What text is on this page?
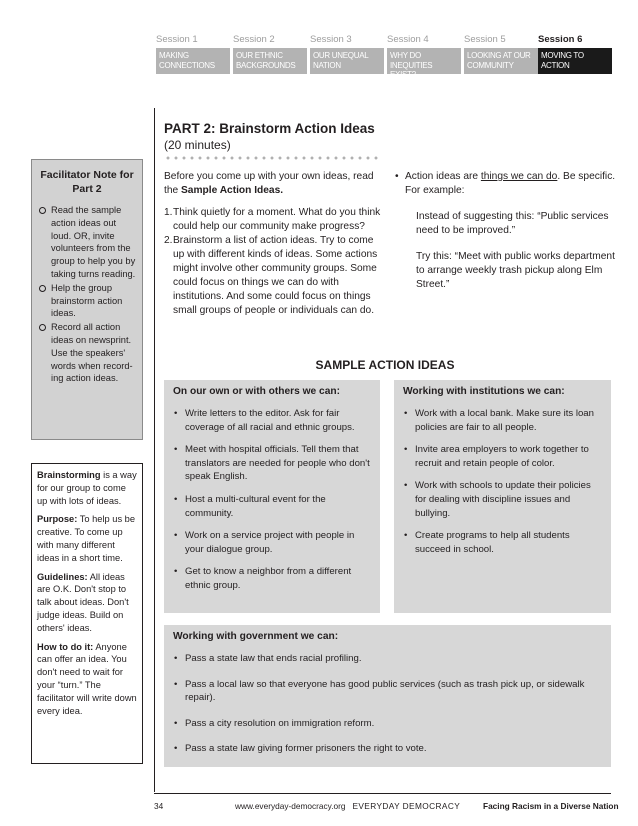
Session 1
MAKING CONNECTIONS
Session 2
OUR ETHNIC BACKGROUNDS
Session 3
OUR UNEQUAL NATION
Session 4
WHY DO INEQUITIES EXIST?
Session 5
LOOKING AT OUR COMMUNITY
Session 6
MOVING TO ACTION
PART 2: Brainstorm Action Ideas
(20 minutes)
Facilitator Note for Part 2
Read the sample action ideas out loud. OR, invite volunteers from the group to help you by taking turns reading.
Help the group brainstorm action ideas.
Record all action ideas on newsprint. Use the speakers' words when record-ing action ideas.

Brainstorming is a way for our group to come up with lots of ideas.

Purpose: To help us be creative. To come up with many different ideas in a short time.

Guidelines: All ideas are O.K. Don't stop to talk about ideas. Don't judge ideas. Build on others' ideas.

How to do it: Anyone can offer an idea. You don't need to wait for your “turn.” The facilitator will write down every idea.

Before you come up with your own ideas, read the Sample Action Ideas.

1. Think quietly for a moment. What do you think could help our community make progress?
2. Brainstorm a list of action ideas. Try to come up with different kinds of ideas. Some actions might involve other community groups. Some could focus on things we can do with institutions. And some could focus on things small groups of people or individuals can do.
• Action ideas are things we can do. Be specific. For example:
Instead of suggesting this: “Public services need to be improved.”
Try this: “Meet with public works department to arrange weekly trash pickup along Elm Street.”
SAMPLE ACTION IDEAS
On our own or with others we can:
• Write letters to the editor. Ask for fair coverage of all racial and ethnic groups.
• Meet with hospital officials. Tell them that translators are needed for people who don't speak English.
• Host a multi-cultural event for the community.
• Work on a service project with people in your dialogue group.
• Get to know a neighbor from a different ethnic group.
Working with institutions we can:
• Work with a local bank. Make sure its loan policies are fair to all people.
• Invite area employers to work together to recruit and retain people of color.
• Work with schools to update their policies for dealing with discipline issues and bullying.
• Create programs to help all students succeed in school.
Working with government we can:
• Pass a state law that ends racial profiling.
• Pass a local law so that everyone has good public services (such as trash pick up, or sidewalk repair).
• Pass a city resolution on immigration reform.
• Pass a state law giving former prisoners the right to vote.
34	www.everyday-democracy.org EVERYDAY DEMOCRACY	Facing Racism in a Diverse Nation
